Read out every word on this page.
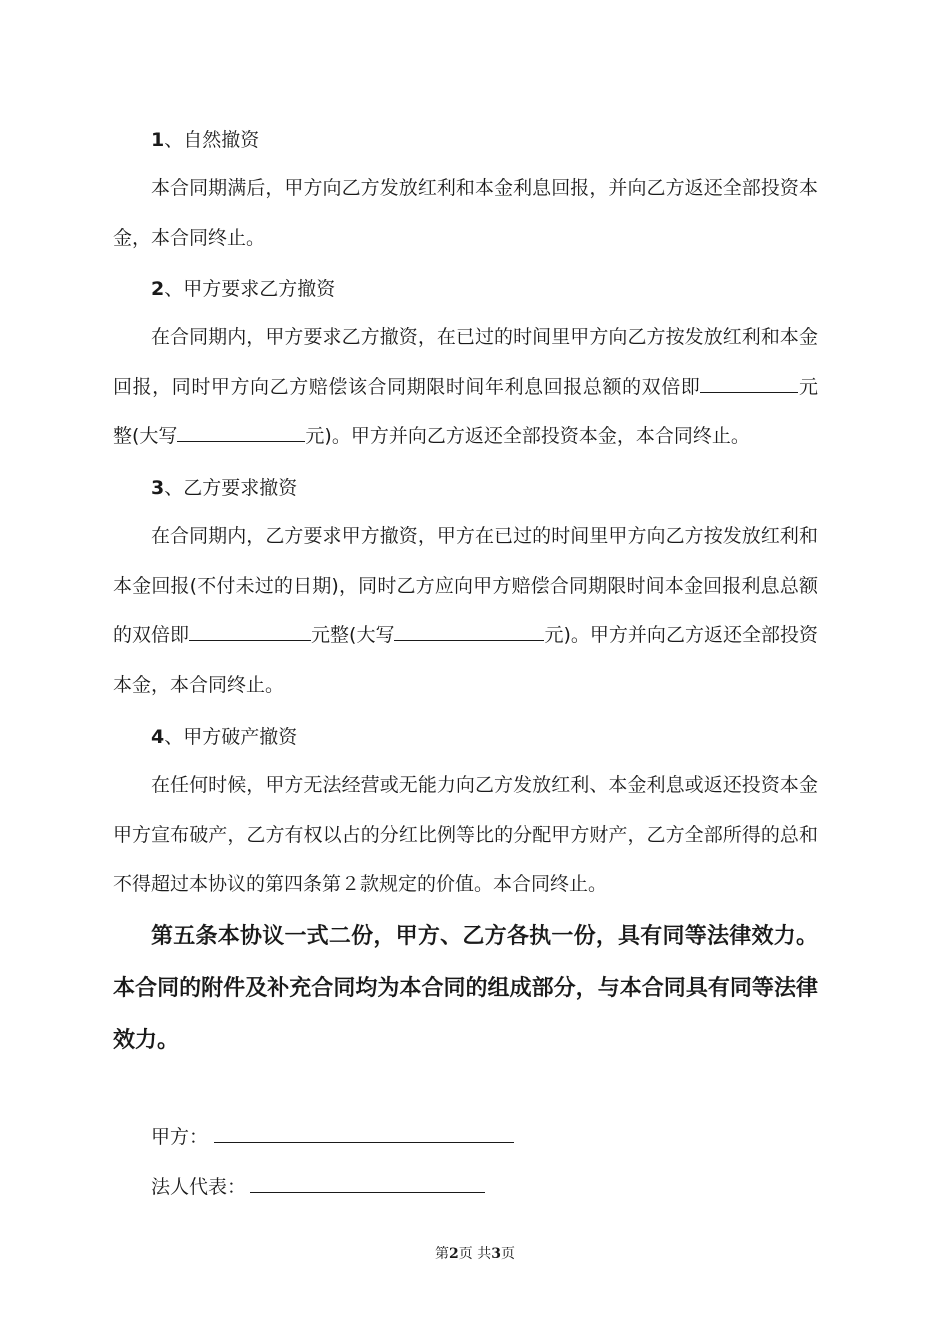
1、自然撤资
本合同期满后，甲方向乙方发放红利和本金利息回报，并向乙方返还全部投资本金，本合同终止。
2、甲方要求乙方撤资
在合同期内，甲方要求乙方撤资，在已过的时间里甲方向乙方按发放红利和本金回报，同时甲方向乙方赔偿该合同期限时间年利息回报总额的双倍即	元整(大写	元)。甲方并向乙方返还全部投资本金，本合同终止。
3、乙方要求撤资
在合同期内，乙方要求甲方撤资，甲方在已过的时间里甲方向乙方按发放红利和本金回报(不付未过的日期)，同时乙方应向甲方赔偿合同期限时间本金回报利息总额的双倍即	元整(大写	元)。甲方并向乙方返还全部投资本金，本合同终止。
4、甲方破产撤资
在任何时候，甲方无法经营或无能力向乙方发放红利、本金利息或返还投资本金甲方宣布破产，乙方有权以占的分红比例等比的分配甲方财产，乙方全部所得的总和不得超过本协议的第四条第２款规定的价值。本合同终止。
第五条本协议一式二份，甲方、乙方各执一份，具有同等法律效力。本合同的附件及补充合同均为本合同的组成部分，与本合同具有同等法律效力。
甲方：
法人代表：
第2页 共3页
